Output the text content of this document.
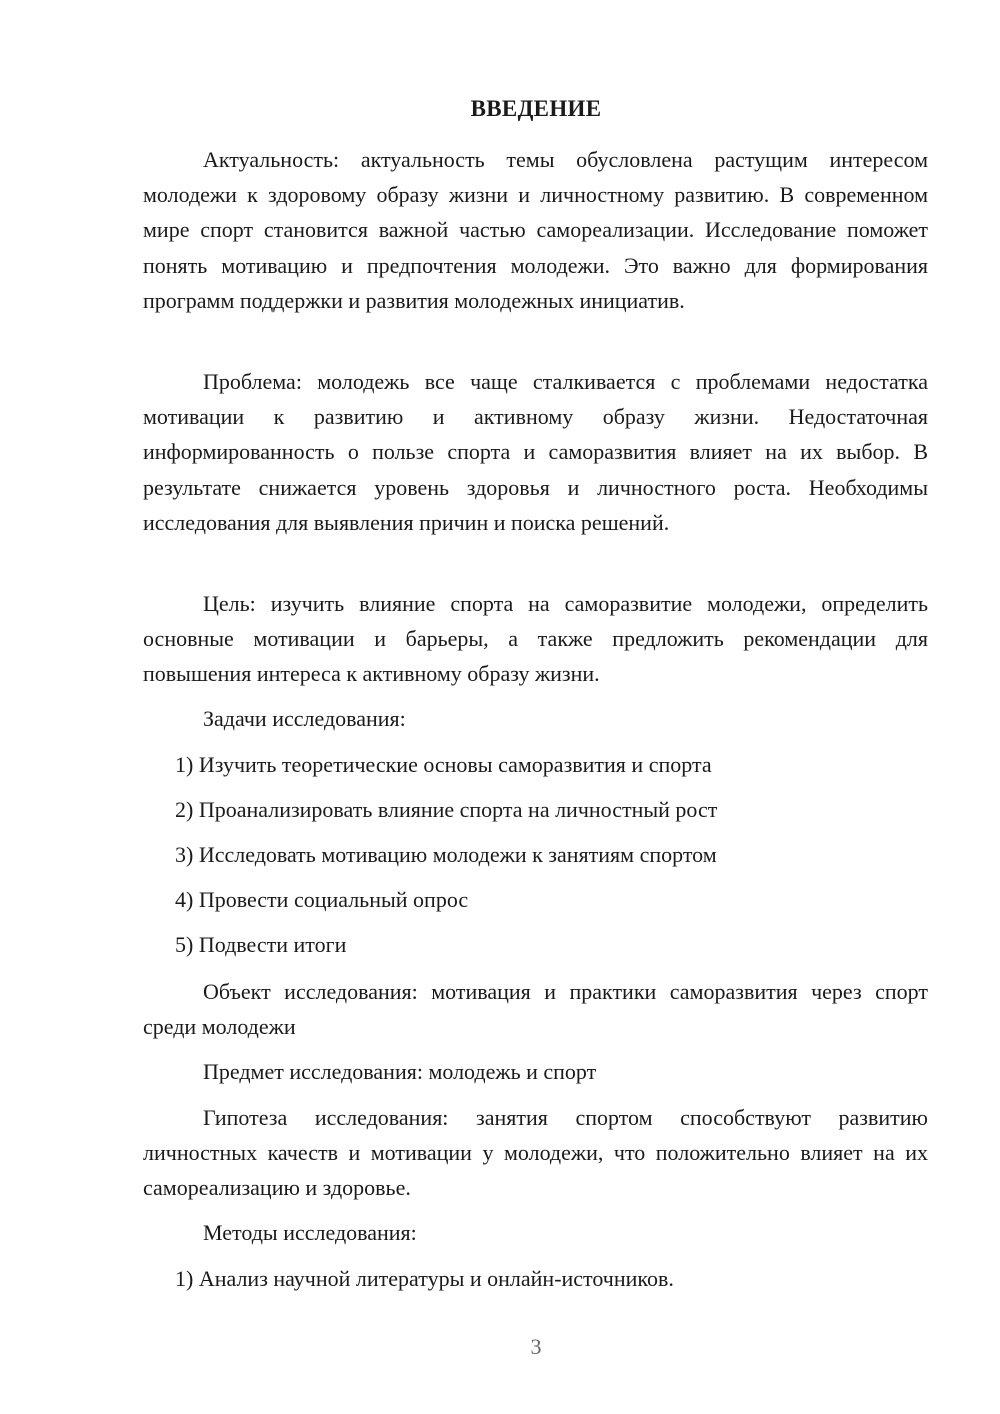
ВВЕДЕНИЕ
Актуальность: актуальность темы обусловлена растущим интересом молодежи к здоровому образу жизни и личностному развитию. В современном мире спорт становится важной частью самореализации. Исследование поможет понять мотивацию и предпочтения молодежи. Это важно для формирования программ поддержки и развития молодежных инициатив.
Проблема: молодежь все чаще сталкивается с проблемами недостатка мотивации к развитию и активному образу жизни. Недостаточная информированность о пользе спорта и саморазвития влияет на их выбор. В результате снижается уровень здоровья и личностного роста. Необходимы исследования для выявления причин и поиска решений.
Цель: изучить влияние спорта на саморазвитие молодежи, определить основные мотивации и барьеры, а также предложить рекомендации для повышения интереса к активному образу жизни.
Задачи исследования:
1) Изучить теоретические основы саморазвития и спорта
2) Проанализировать влияние спорта на личностный рост
3) Исследовать мотивацию молодежи к занятиям спортом
4) Провести социальный опрос
5) Подвести итоги
Объект исследования: мотивация и практики саморазвития через спорт среди молодежи
Предмет исследования: молодежь и спорт
Гипотеза исследования: занятия спортом способствуют развитию личностных качеств и мотивации у молодежи, что положительно влияет на их самореализацию и здоровье.
Методы исследования:
1) Анализ научной литературы и онлайн-источников.
3
